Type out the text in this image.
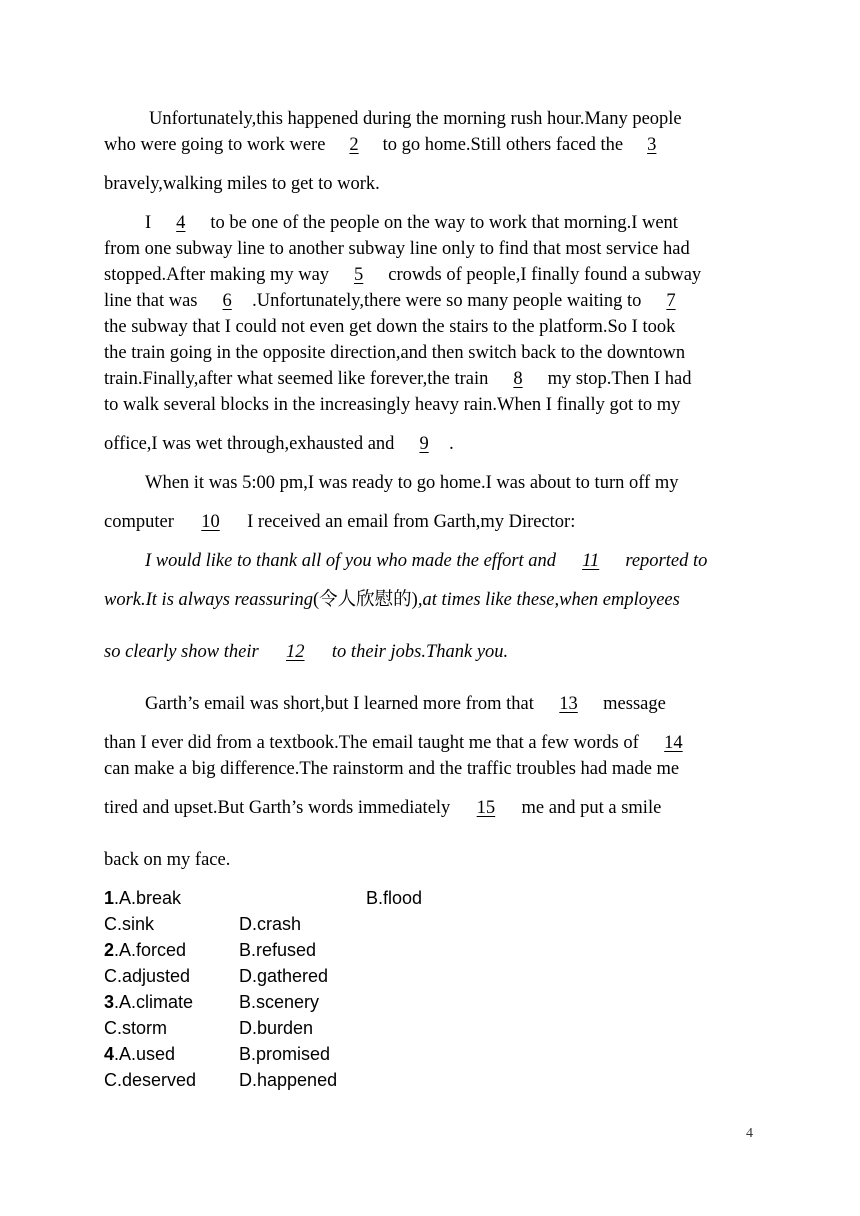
Unfortunately,this happened during the morning rush hour.Many people
who were going to work were 2 to go home.Still others faced the 3
bravely,walking miles to get to work.
I 4 to be one of the people on the way to work that morning.I went
from one subway line to another subway line only to find that most service had
stopped.After making my way 5 crowds of people,I finally found a subway
line that was 6 .Unfortunately,there were so many people waiting to 7
the subway that I could not even get down the stairs to the platform.So I took
the train going in the opposite direction,and then switch back to the downtown
train.Finally,after what seemed like forever,the train 8 my stop.Then I had
to walk several blocks in the increasingly heavy rain.When I finally got to my
office,I was wet through,exhausted and 9 .
When it was 5:00 pm,I was ready to go home.I was about to turn off my
computer 10 I received an email from Garth,my Director:
I would like to thank all of you who made the effort and 11 reported to
work.It is always reassuring(令人欣慰的),at times like these,when employees
so clearly show their 12 to their jobs.Thank you.
Garth’s email was short,but I learned more from that 13 message
than I ever did from a textbook.The email taught me that a few words of 14
can make a big difference.The rainstorm and the traffic troubles had made me
tired and upset.But Garth’s words immediately 15 me and put a smile
back on my face.
1.A.break	B.flood
C.sink	D.crash
2.A.forced	B.refused
C.adjusted	D.gathered
3.A.climate	B.scenery
C.storm	D.burden
4.A.used	B.promised
C.deserved D.happened
4
